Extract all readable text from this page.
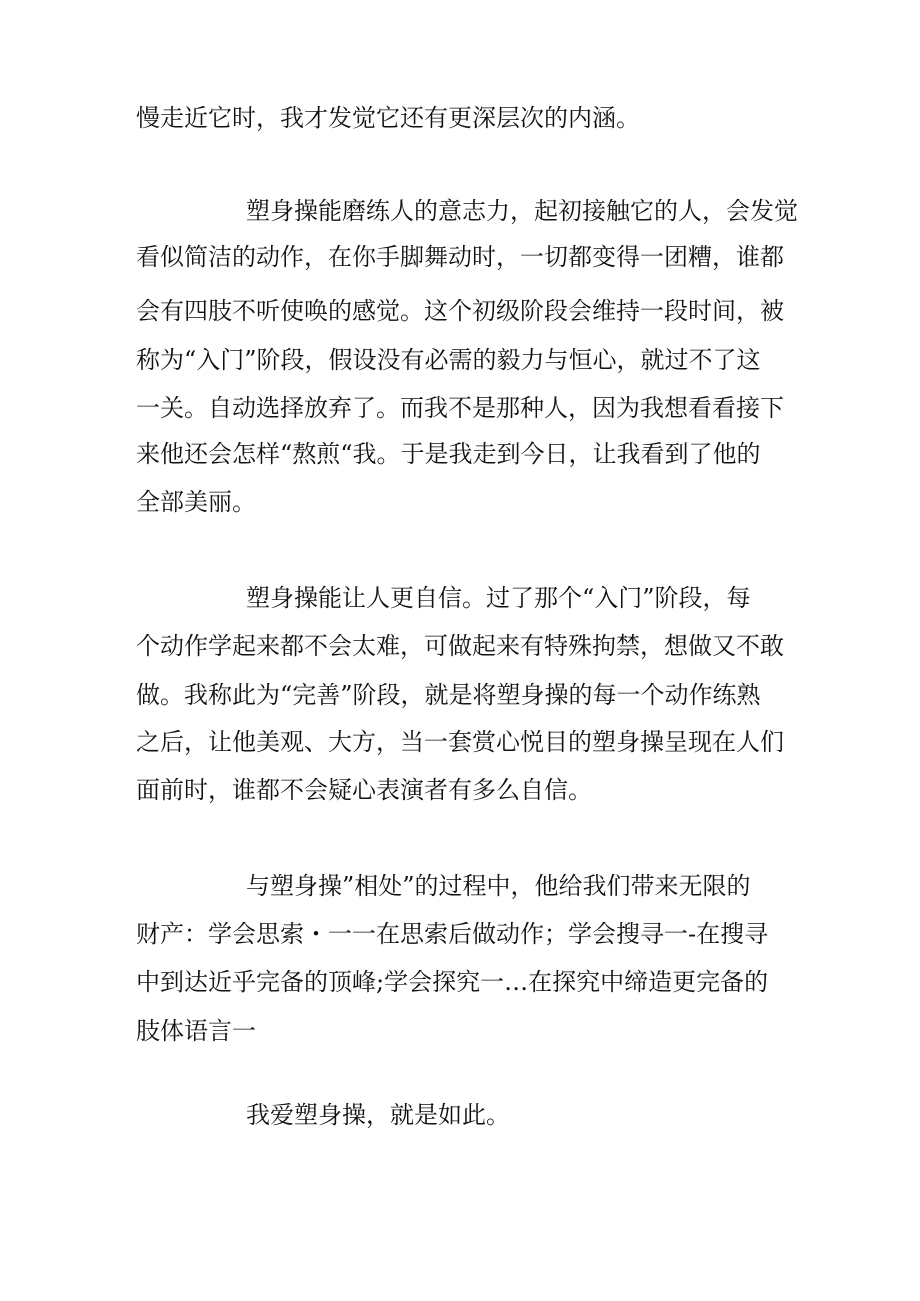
慢走近它时，我才发觉它还有更深层次的内涵。
塑身操能磨练人的意志力，起初接触它的人，会发觉
看似简洁的动作，在你手脚舞动时，一切都变得一团糟，谁都
会有四肢不听使唤的感觉。这个初级阶段会维持一段时间，被
称为“入门”阶段，假设没有必需的毅力与恒心，就过不了这
一关。自动选择放弃了。而我不是那种人，因为我想看看接下
来他还会怎样“熬煎“我。于是我走到今日，让我看到了他的
全部美丽。
塑身操能让人更自信。过了那个“入门”阶段，每
个动作学起来都不会太难，可做起来有特殊拘禁，想做又不敢
做。我称此为“完善”阶段，就是将塑身操的每一个动作练熟
之后，让他美观、大方，当一套赏心悦目的塑身操呈现在人们
面前时，谁都不会疑心表演者有多么自信。
与塑身操”相处”的过程中，他给我们带来无限的
财产：学会思索・一一在思索后做动作；学会搜寻一-在搜寻
中到达近乎完备的顶峰;学会探究一…在探究中缔造更完备的
肢体语言一
我爱塑身操，就是如此。
